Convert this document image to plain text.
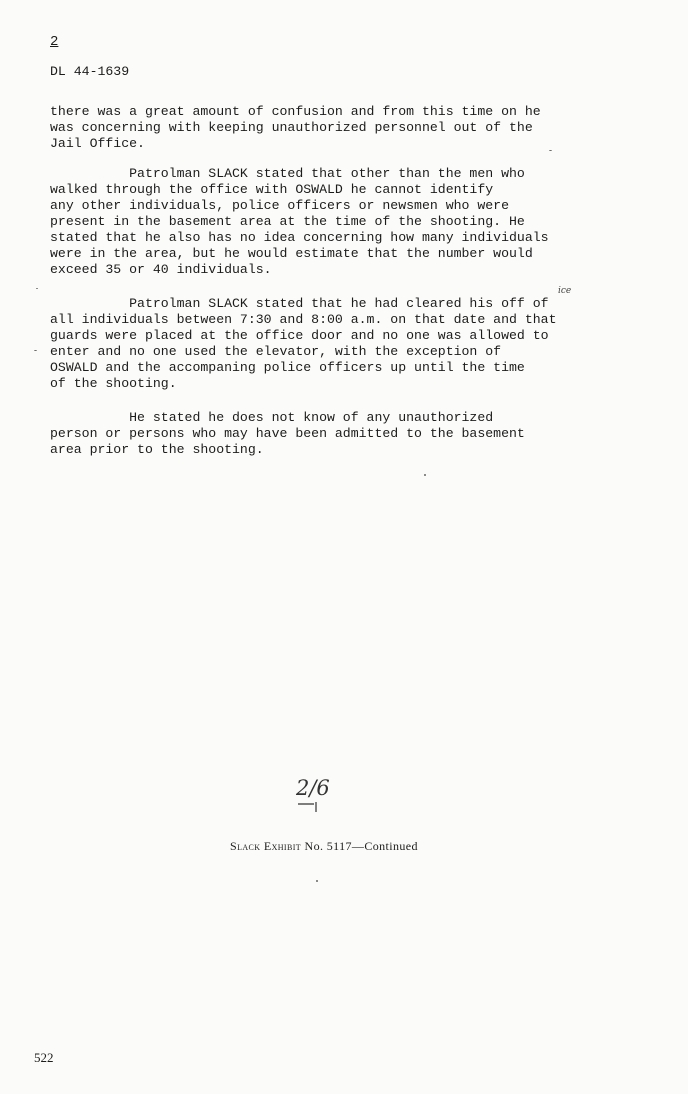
2
DL 44-1639
there was a great amount of confusion and from this time on he
was concerning with keeping unauthorized personnel out of the
Jail Office.
Patrolman SLACK stated that other than the men who
walked through the office with OSWALD he cannot identify
any other individuals, police officers or newsmen who were
present in the basement area at the time of the shooting. He
stated that he also has no idea concerning how many individuals
were in the area, but he would estimate that the number would
exceed 35 or 40 individuals.
Patrolman SLACK stated that he had cleared his off of
all individuals between 7:30 and 8:00 a.m. on that date and that
guards were placed at the office door and no one was allowed to
enter and no one used the elevator, with the exception of
OSWALD and the accompaning police officers up until the time
of the shooting.
He stated he does not know of any unauthorized
person or persons who may have been admitted to the basement
area prior to the shooting.
ice
2/6
Slack Exhibit No. 5117—Continued
522
